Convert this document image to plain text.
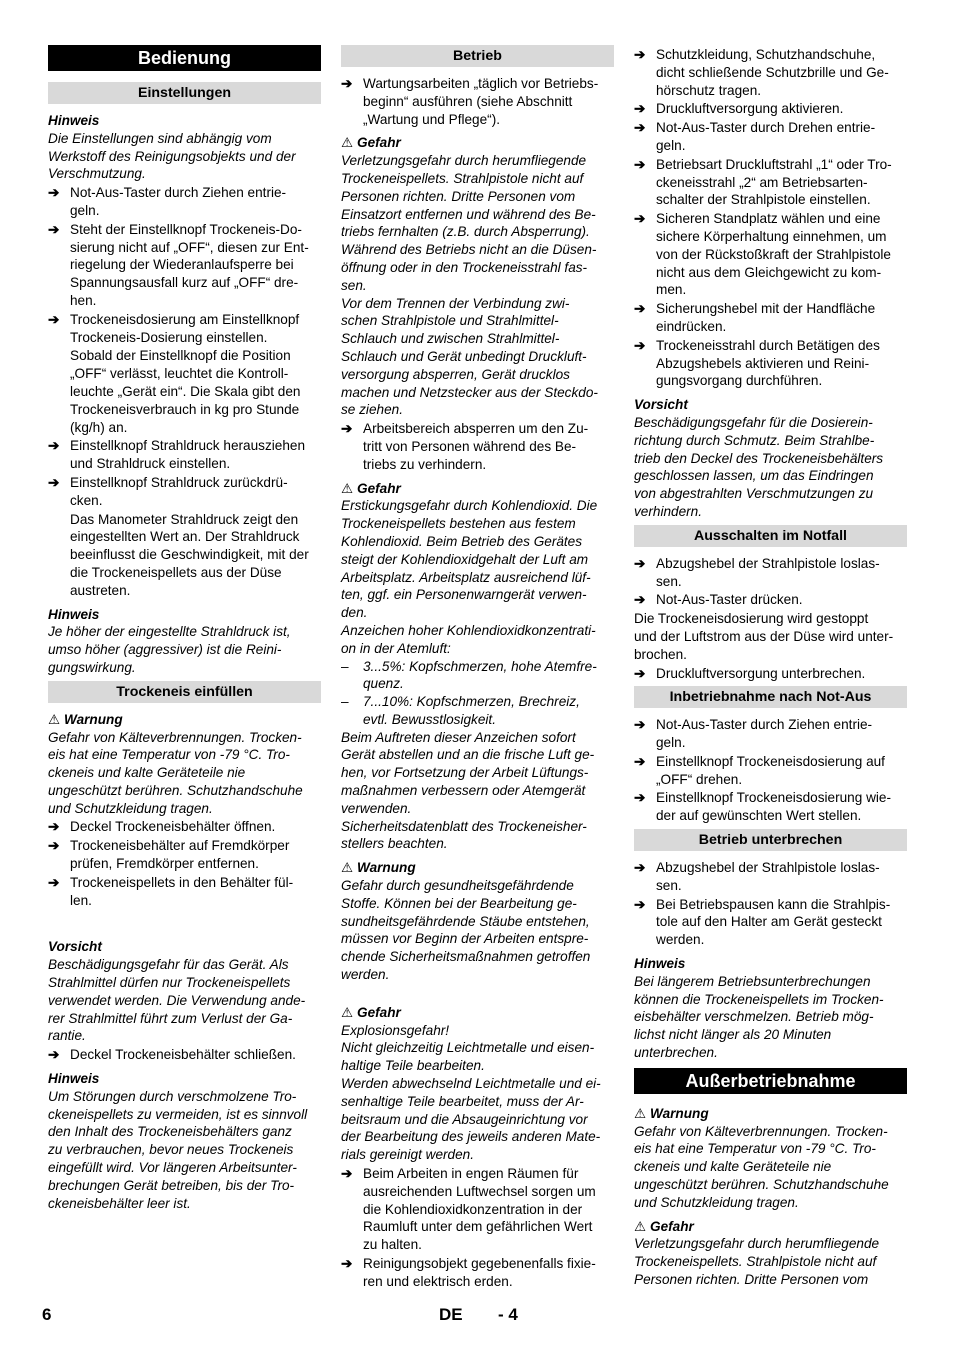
Bedienung
Einstellungen
Hinweis
Die Einstellungen sind abhängig vom
Werkstoff des Reinigungsobjekts und der
Verschmutzung.
➔ Not-Aus-Taster durch Ziehen entrie-
geln.
➔ Steht der Einstellknopf Trockeneis-Do-
sierung nicht auf „OFF“, diesen zur Ent-
riegelung der Wiederanlaufsperre bei
Spannungsausfall kurz auf „OFF“ dre-
hen.
➔ Trockeneisdosierung am Einstellknopf
Trockeneis-Dosierung einstellen.
Sobald der Einstellknopf die Position
„OFF“ verlässt, leuchtet die Kontroll-
leuchte „Gerät ein“. Die Skala gibt den
Trockeneisverbrauch in kg pro Stunde
(kg/h) an.
➔ Einstellknopf Strahldruck herausziehen
und Strahldruck einstellen.
➔ Einstellknopf Strahldruck zurückdrü-
cken.
Das Manometer Strahldruck zeigt den
eingestellten Wert an. Der Strahldruck
beeinflusst die Geschwindigkeit, mit der
die Trockeneispellets aus der Düse
austreten.
Hinweis
Je höher der eingestellte Strahldruck ist,
umso höher (aggressiver) ist die Reini-
gungswirkung.
Trockeneis einfüllen
⚠ Warnung
Gefahr von Kälteverbrennungen. Trocken-
eis hat eine Temperatur von -79 °C. Tro-
ckeneis und kalte Geräteteile nie
ungeschützt berühren. Schutzhandschuhe
und Schutzkleidung tragen.
➔ Deckel Trockeneisbehälter öffnen.
➔ Trockeneisbehälter auf Fremdkörper
prüfen, Fremdkörper entfernen.
➔ Trockeneispellets in den Behälter fül-
len.
Vorsicht
Beschädigungsgefahr für das Gerät. Als
Strahlmittel dürfen nur Trockeneispellets
verwendet werden. Die Verwendung ande-
rer Strahlmittel führt zum Verlust der Ga-
rantie.
➔ Deckel Trockeneisbehälter schließen.
Hinweis
Um Störungen durch verschmolzene Tro-
ckeneispellets zu vermeiden, ist es sinnvoll
den Inhalt des Trockeneisbehälters ganz
zu verbrauchen, bevor neues Trockeneis
eingefüllt wird. Vor längeren Arbeitsunter-
brechungen Gerät betreiben, bis der Tro-
ckeneisbehälter leer ist.
Betrieb
➔ Wartungsarbeiten „täglich vor Betriebs-
beginn“ ausführen (siehe Abschnitt
„Wartung und Pflege“).
⚠ Gefahr
Verletzungsgefahr durch herumfliegende
Trockeneispellets. Strahlpistole nicht auf
Personen richten. Dritte Personen vom
Einsatzort entfernen und während des Be-
triebs fernhalten (z.B. durch Absperrung).
Während des Betriebs nicht an die Düsen-
öffnung oder in den Trockeneisstrahl fas-
sen.
Vor dem Trennen der Verbindung zwi-
schen Strahlpistole und Strahlmittel-
Schlauch und zwischen Strahlmittel-
Schlauch und Gerät unbedingt Druckluft-
versorgung absperren, Gerät drucklos
machen und Netzstecker aus der Steckdo-
se ziehen.
➔ Arbeitsbereich absperren um den Zu-
tritt von Personen während des Be-
triebs zu verhindern.
⚠ Gefahr
Erstickungsgefahr durch Kohlendioxid. Die
Trockeneispellets bestehen aus festem
Kohlendioxid. Beim Betrieb des Gerätes
steigt der Kohlendioxidgehalt der Luft am
Arbeitsplatz. Arbeitsplatz ausreichend lüf-
ten, ggf. ein Personenwarngerät verwen-
den.
Anzeichen hoher Kohlendioxidkonzentrati-
on in der Atemluft:
– 3...5%: Kopfschmerzen, hohe Atemfre-
quenz.
– 7...10%: Kopfschmerzen, Brechreiz,
evtl. Bewusstlosigkeit.
Beim Auftreten dieser Anzeichen sofort
Gerät abstellen und an die frische Luft ge-
hen, vor Fortsetzung der Arbeit Lüftungs-
maßnahmen verbessern oder Atemgerät
verwenden.
Sicherheitsdatenblatt des Trockeneisher-
stellers beachten.
⚠ Warnung
Gefahr durch gesundheitsgefährdende
Stoffe. Können bei der Bearbeitung ge-
sundheitsgefährdende Stäube entstehen,
müssen vor Beginn der Arbeiten entspre-
chende Sicherheitsmaßnahmen getroffen
werden.
⚠ Gefahr
Explosionsgefahr!
Nicht gleichzeitig Leichtmetalle und eisen-
haltige Teile bearbeiten.
Werden abwechselnd Leichtmetalle und ei-
senhaltige Teile bearbeitet, muss der Ar-
beitsraum und die Absaugeinrichtung vor
der Bearbeitung des jeweils anderen Mate-
rials gereinigt werden.
➔ Beim Arbeiten in engen Räumen für
ausreichenden Luftwechsel sorgen um
die Kohlendioxidkonzentration in der
Raumluft unter dem gefährlichen Wert
zu halten.
➔ Reinigungsobjekt gegebenenfalls fixie-
ren und elektrisch erden.
➔ Schutzkleidung, Schutzhandschuhe,
dicht schließende Schutzbrille und Ge-
hörschutz tragen.
➔ Druckluftversorgung aktivieren.
➔ Not-Aus-Taster durch Drehen entrie-
geln.
➔ Betriebsart Druckluftstrahl „1“ oder Tro-
ckeneisstrahl „2“ am Betriebsarten-
schalter der Strahlpistole einstellen.
➔ Sicheren Standplatz wählen und eine
sichere Körperhaltung einnehmen, um
von der Rückstoßkraft der Strahlpistole
nicht aus dem Gleichgewicht zu kom-
men.
➔ Sicherungshebel mit der Handfläche
eindrücken.
➔ Trockeneisstrahl durch Betätigen des
Abzugshebels aktivieren und Reini-
gungsvorgang durchführen.
Vorsicht
Beschädigungsgefahr für die Dosierein-
richtung durch Schmutz. Beim Strahlbe-
trieb den Deckel des Trockeneisbehälters
geschlossen lassen, um das Eindringen
von abgestrahlten Verschmutzungen zu
verhindern.
Ausschalten im Notfall
➔ Abzugshebel der Strahlpistole loslas-
sen.
➔ Not-Aus-Taster drücken.
Die Trockeneisdosierung wird gestoppt
und der Luftstrom aus der Düse wird unter-
brochen.
➔ Druckluftversorgung unterbrechen.
Inbetriebnahme nach Not-Aus
➔ Not-Aus-Taster durch Ziehen entrie-
geln.
➔ Einstellknopf Trockeneisdosierung auf
„OFF“ drehen.
➔ Einstellknopf Trockeneisdosierung wie-
der auf gewünschten Wert stellen.
Betrieb unterbrechen
➔ Abzugshebel der Strahlpistole loslas-
sen.
➔ Bei Betriebspausen kann die Strahlpis-
tole auf den Halter am Gerät gesteckt
werden.
Hinweis
Bei längerem Betriebsunterbrechungen
können die Trockeneispellets im Trocken-
eisbehälter verschmelzen. Betrieb mög-
lichst nicht länger als 20 Minuten
unterbrechen.
Außerbetriebnahme
⚠ Warnung
Gefahr von Kälteverbrennungen. Trocken-
eis hat eine Temperatur von -79 °C. Tro-
ckeneis und kalte Geräteteile nie
ungeschützt berühren. Schutzhandschuhe
und Schutzkleidung tragen.
⚠ Gefahr
Verletzungsgefahr durch herumfliegende
Trockeneispellets. Strahlpistole nicht auf
Personen richten. Dritte Personen vom
6	DE - 4
